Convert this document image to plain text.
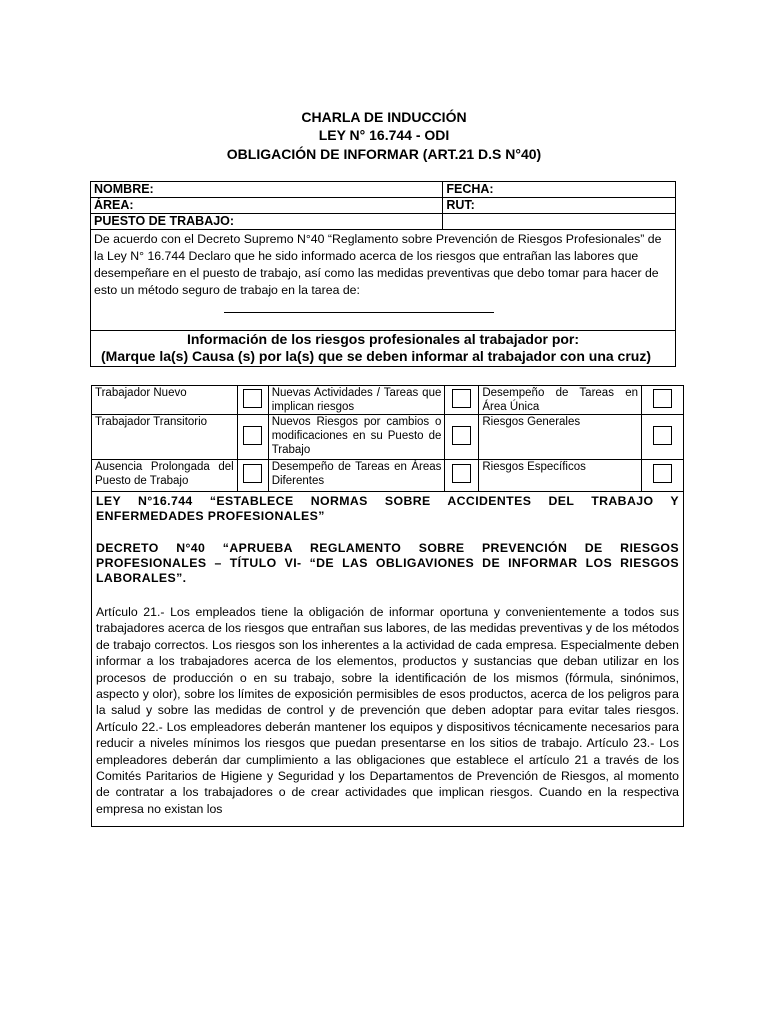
CHARLA DE INDUCCIÓN
LEY N° 16.744 - ODI
OBLIGACIÓN DE INFORMAR (ART.21 D.S N°40)
NOMBRE:	FECHA:
ÁREA:	RUT:
PUESTO DE TRABAJO:	
De acuerdo con el Decreto Supremo N°40 “Reglamento sobre Prevención de Riesgos Profesionales” de la Ley N° 16.744 Declaro que he sido informado acerca de los riesgos que entrañan las labores que desempeñare en el puesto de trabajo, así como las medidas preventivas que debo tomar para hacer de esto un método seguro de trabajo en la tarea de:	

Información de los riesgos profesionales al trabajador por:
(Marque la(s) Causa (s) por la(s) que se deben informar al trabajador con una cruz)	
Trabajador Nuevo		Nuevas Actividades / Tareas que implican riesgos		Desempeño de Tareas en Área Única	
Trabajador Transitorio		Nuevos Riesgos por cambios o modificaciones en su Puesto de Trabajo		Riesgos Generales	
Ausencia Prolongada del Puesto de Trabajo		Desempeño de Tareas en Áreas Diferentes		Riesgos Específicos	

LEY N°16.744 “ESTABLECE NORMAS SOBRE ACCIDENTES DEL TRABAJO Y ENFERMEDADES PROFESIONALES”

DECRETO N°40 “APRUEBA REGLAMENTO SOBRE PREVENCIÓN DE RIESGOS PROFESIONALES – TÍTULO VI- “DE LAS OBLIGAVIONES DE INFORMAR LOS RIESGOS LABORALES”.

Artículo 21.- Los empleados tiene la obligación de informar oportuna y convenientemente a todos sus trabajadores acerca de los riesgos que entrañan sus labores, de las medidas preventivas y de los métodos de trabajo correctos. Los riesgos son los inherentes a la actividad de cada empresa. Especialmente deben informar a los trabajadores acerca de los elementos, productos y sustancias que deban utilizar en los procesos de producción o en su trabajo, sobre la identificación de los mismos (fórmula, sinónimos, aspecto y olor), sobre los límites de exposición permisibles de esos productos, acerca de los peligros para la salud y sobre las medidas de control y de prevención que deben adoptar para evitar tales riesgos. Artículo 22.- Los empleadores deberán mantener los equipos y dispositivos técnicamente necesarios para reducir a niveles mínimos los riesgos que puedan presentarse en los sitios de trabajo. Artículo 23.- Los empleadores deberán dar cumplimiento a las obligaciones que establece el artículo 21 a través de los Comités Paritarios de Higiene y Seguridad y los Departamentos de Prevención de Riesgos, al momento de contratar a los trabajadores o de crear actividades que implican riesgos. Cuando en la respectiva empresa no existan los					
